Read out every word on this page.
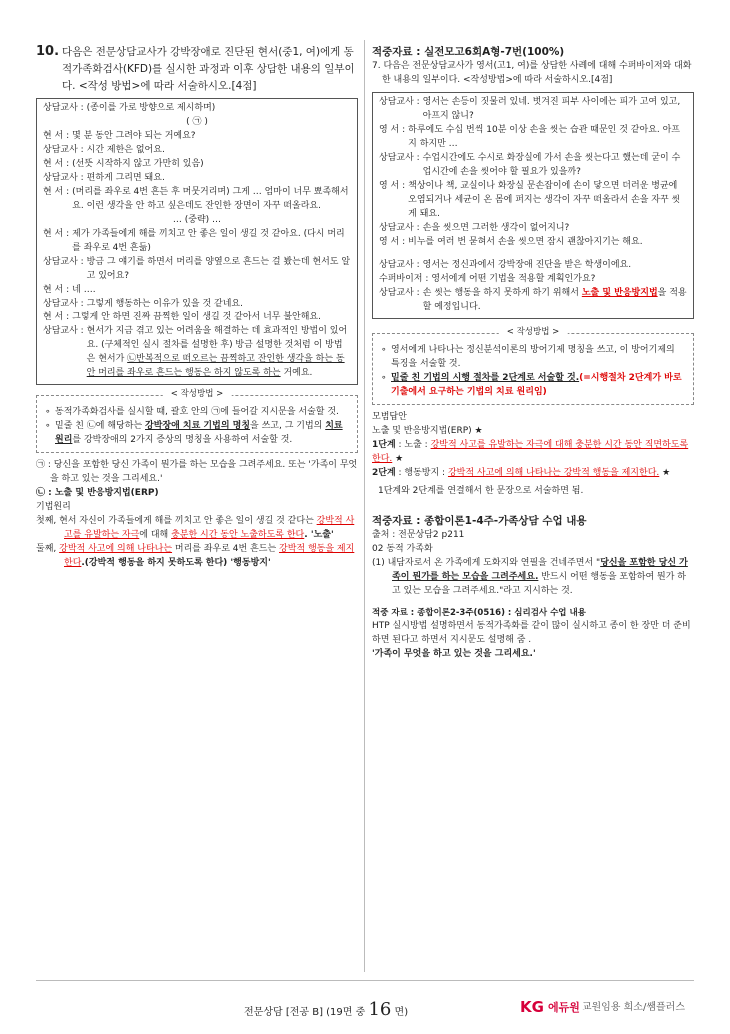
10. 다음은 전문상담교사가 강박장애로 진단된 현서(중1, 여)에게 동적가족화검사(KFD)를 실시한 과정과 이후 상담한 내용의 일부이다. <작성 방법>에 따라 서술하시오.[4점]
상담교사 : (종이를 가로 방향으로 제시하며)
( ㉠ )
현 서 : 몇 분 동안 그려야 되는 거예요?
상담교사 : 시간 제한은 없어요.
현 서 : (선뜻 시작하지 않고 가만히 있음)
상담교사 : 편하게 그리면 돼요.
현 서 : (머리를 좌우로 4번 흔든 후 머뭇거리며) 그게 … 엄마이 너무 뾰족해서요. 이런 생각을 안 하고 싶은데도 잔인한 장면이 자꾸 떠올라요.
… (중략) …
현 서 : 제가 가족들에게 해를 끼치고 안 좋은 일이 생길 것 같아요. (다시 머리를 좌우로 4번 흔듦)
상담교사 : 방금 그 얘기를 하면서 머리를 양옆으로 흔드는 걸 봤는데 현서도 알고 있어요?
현 서 : 네 ….
상담교사 : 그렇게 행동하는 이유가 있을 것 같네요.
현 서 : 그렇게 안 하면 진짜 끔찍한 일이 생길 것 같아서 너무 불안해요.
상담교사 : 현서가 지금 겪고 있는 어려움을 해결하는 데 효과적인 방법이 있어요. (구체적인 실시 절차를 설명한 후) 방금 설명한 것처럼 이 방법은 현서가 ㉡반복적으로 떠오르는 끔찍하고 잔인한 생각을 하는 동안 머리를 좌우로 흔드는 행동은 하지 않도록 하는 거예요.
< 작성방법 >
∘ 동적가족화검사를 실시할 때, 괄호 안의 ㉠에 들어갈 지시문을 서술할 것.
∘ 밑줄 친 ㉡에 해당하는 강박장애 치료 기법의 명칭을 쓰고, 그 기법의 치료 원리를 강박장애의 2가지 증상의 명칭을 사용하여 서술할 것.
㉠ : 당신을 포함한 당신 가족이 뭔가를 하는 모습을 그려주세요. 또는 '가족이 무엇을 하고 있는 것을 그리세요.'
㉡ : 노출 및 반응방지법(ERP)
기법원리
첫째, 현서 자신이 가족들에게 해를 끼치고 안 좋은 일이 생길 것 같다는 강박적 사고를 유발하는 자극에 대해 충분한 시간 동안 노출하도록 한다. '노출'
둘째, 강박적 사고에 의해 나타나는 머리를 좌우로 4번 흔드는 강박적 행동을 제지한다.(강박적 행동을 하지 못하도록 한다) '행동방지'
적중자료 : 실전모고6회A형-7번(100%)
7. 다음은 전문상담교사가 영서(고1, 여)를 상담한 사례에 대해 수퍼바이저와 대화한 내용의 일부이다. <작성방법>에 따라 서술하시오.[4점]
상담교사 : 영서는 손등이 짓물러 있네. 벗겨진 피부 사이에는 피가 고여 있고, 아프지 않니?
영 서 : 하루에도 수십 번씩 10분 이상 손을 씻는 습관 때문인 것 같아요. 아프지 하지만 …
상담교사 : 수업시간에도 수시로 화장실에 가서 손을 씻는다고 했는데 굳이 수업시간에 손을 씻어야 할 필요가 있을까?
영 서 : 책상이나 책, 교실이나 화장실 문손잡이에 손이 닿으면 더러운 병균에 오염되거나 세균이 온 몸에 퍼지는 생각이 자꾸 떠올라서 손을 자꾸 씻게 돼요.
상담교사 : 손을 씻으면 그러한 생각이 없어지니?
영 서 : 비누를 여러 번 묻혀서 손을 씻으면 잠시 괜찮아지기는 해요.
상담교사 : 영서는 정신과에서 강박장애 진단을 받은 학생이에요.
수퍼바이저 : 영서에게 어떤 기법을 적용할 계획인가요?
상담교사 : 손 씻는 행동을 하지 못하게 하기 위해서 노출 및 반응방지법을 적용할 예정입니다.
< 작성방법 >
∘ 영서에게 나타나는 정신분석이론의 방어기제 명칭을 쓰고, 이 방어기제의 특징을 서술할 것.
∘ 밑줄 친 기법의 시행 절차를 2단계로 서술할 것.(=시행절차 2단계가 바로 기출에서 요구하는 기법의 치료 원리임)
모범답안
노출 및 반응방지법(ERP) ★
1단계 : 노출 : 강박적 사고를 유발하는 자극에 대해 충분한 시간 동안 직면하도록 한다. ★
2단계 : 행동방지 : 강박적 사고에 의해 나타나는 강박적 행동을 제지한다. ★
1단계와 2단계를 연결해서 한 문장으로 서술하면 됨.
적중자료 : 종합이론1-4주-가족상담 수업 내용
출처 : 전문상담2 p211
02 동적 가족화
(1) 내담자로서 온 가족에게 도화지와 연필을 건네주면서 "당신을 포함한 당신 가족이 뭔가를 하는 모습을 그려주세요. 반드시 어떤 행동을 포함하여 뭔가 하고 있는 모습을 그려주세요."라고 지시하는 것.
적중 자료 : 종합이론2-3주(0516) : 심리검사 수업 내용
HTP 실시방법 설명하면서 동적가족화를 같이 많이 실시하고 종이 한 장만 더 준비하면 된다고 하면서 지시문도 설명해 줌 .
'가족이 무엇을 하고 있는 것을 그리세요.'
전문상담 [전공 B] (19면 중 16 면)	KG 에듀원 교원임용 희소/쌤플러스
